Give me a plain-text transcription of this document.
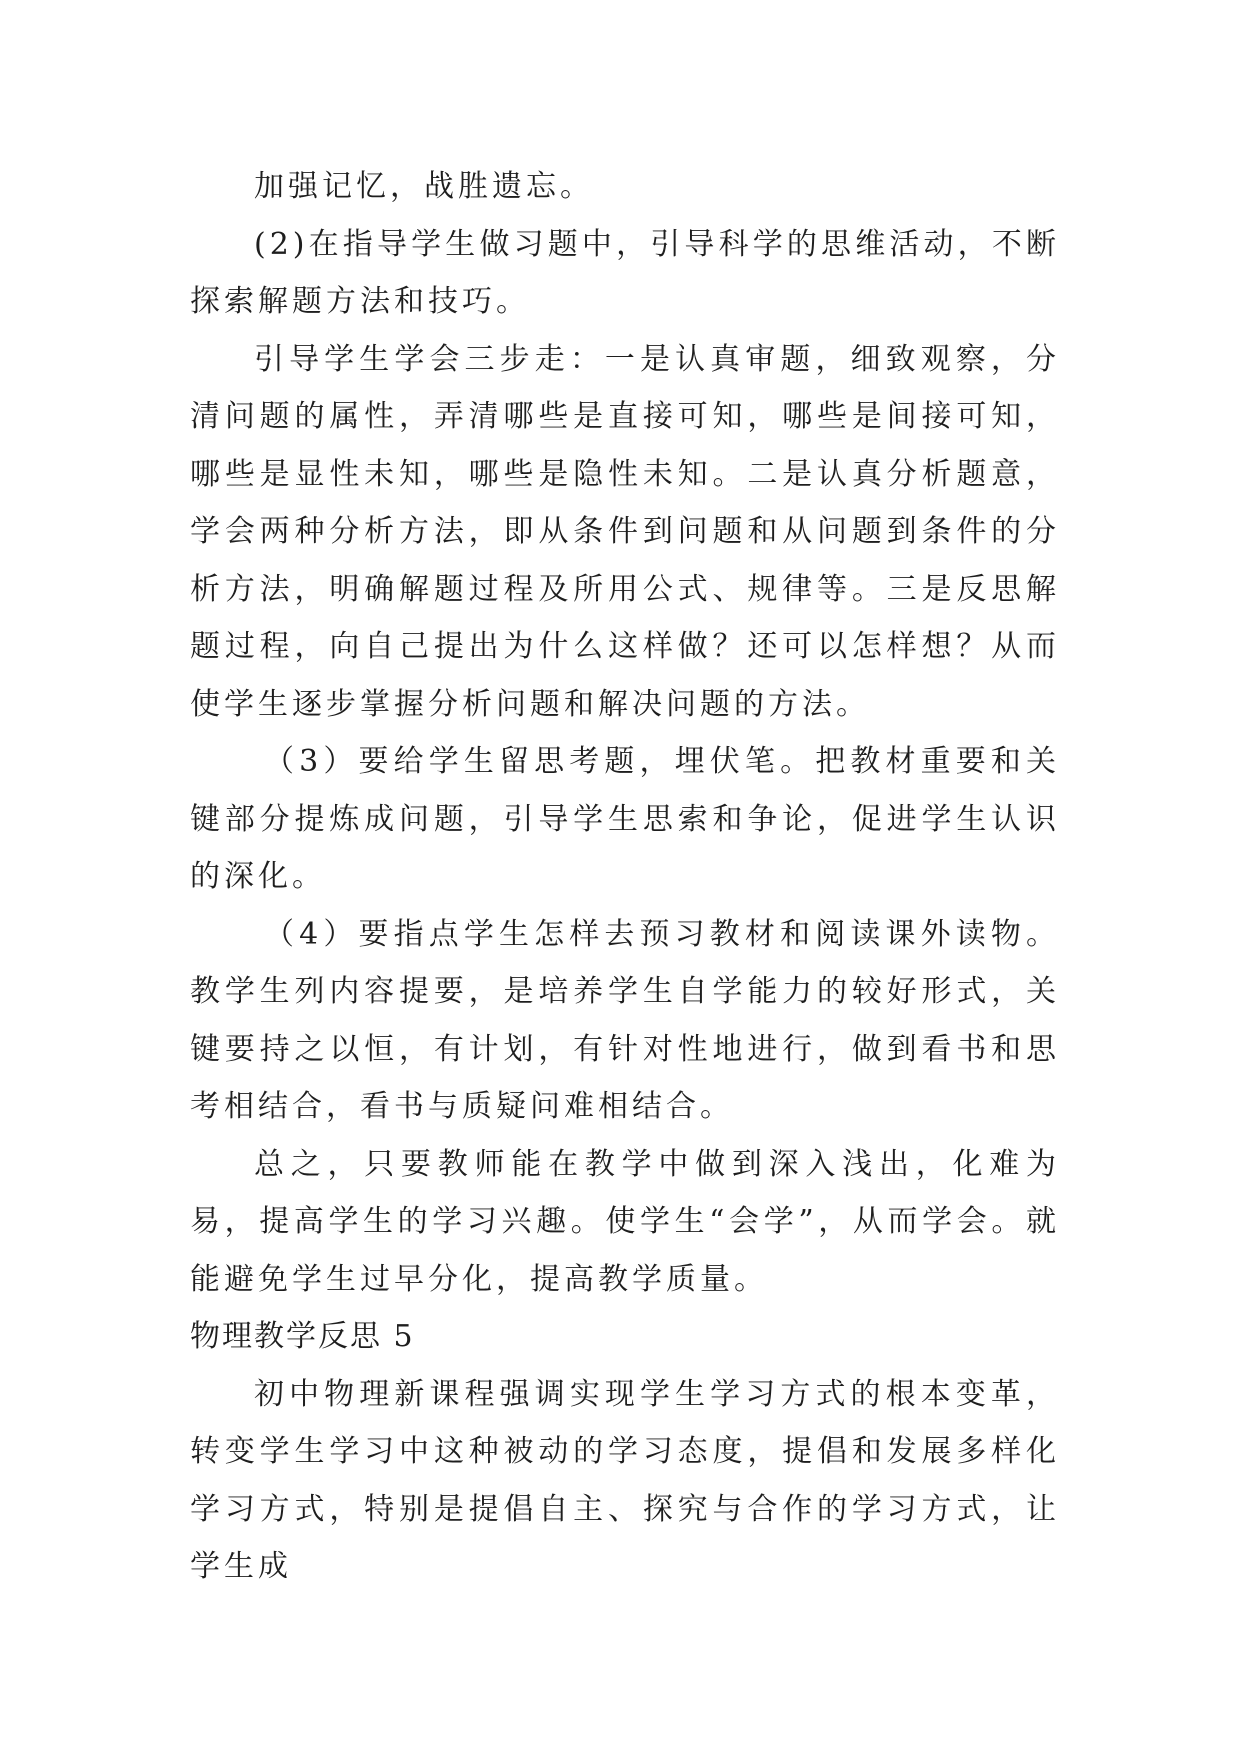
加强记忆，战胜遗忘。

(2)在指导学生做习题中，引导科学的思维活动，不断探索解题方法和技巧。

引导学生学会三步走：一是认真审题，细致观察，分清问题的属性，弄清哪些是直接可知，哪些是间接可知，哪些是显性未知，哪些是隐性未知。二是认真分析题意，学会两种分析方法，即从条件到问题和从问题到条件的分析方法，明确解题过程及所用公式、规律等。三是反思解题过程，向自己提出为什么这样做？还可以怎样想？从而使学生逐步掌握分析问题和解决问题的方法。

（3）要给学生留思考题，埋伏笔。把教材重要和关键部分提炼成问题，引导学生思索和争论，促进学生认识的深化。

（4）要指点学生怎样去预习教材和阅读课外读物。教学生列内容提要，是培养学生自学能力的较好形式，关键要持之以恒，有计划，有针对性地进行，做到看书和思考相结合，看书与质疑问难相结合。

总之，只要教师能在教学中做到深入浅出，化难为易，提高学生的学习兴趣。使学生“会学”，从而学会。就能避免学生过早分化，提高教学质量。

物理教学反思 5

初中物理新课程强调实现学生学习方式的根本变革，转变学生学习中这种被动的学习态度，提倡和发展多样化学习方式，特别是提倡自主、探究与合作的学习方式，让学生成
